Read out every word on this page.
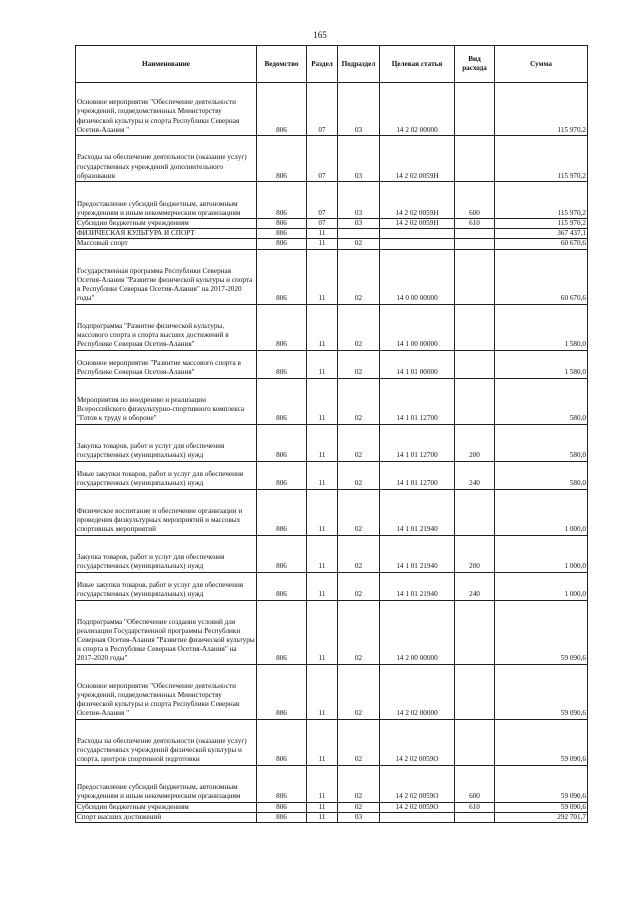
165
Наименование	Ведомство	Раздел	Подраздел	Целевая статья	Вид расхода	Сумма
Основное мероприятие "Обеспечение деятельности учреждений, подведомственных Министерству физической культуры и спорта Республики Северная Осетия-Алания "	806	07	03	14 2 02 00000		115 970,2
Расходы на обеспечение деятельности (оказание услуг) государственных учреждений дополнительного образования	806	07	03	14 2 02 0059Н		115 970,2
Предоставление субсидий бюджетным, автономным учреждениям и иным некоммерческим организациям	806	07	03	14 2 02 0059Н	600	115 970,2
Субсидии бюджетным учреждениям	806	07	03	14 2 02 0059Н	610	115 970,2
ФИЗИЧЕСКАЯ КУЛЬТУРА И СПОРТ	806	11				367 437,1
Массовый спорт	806	11	02			60 670,6
Государственная программа Республики Северная Осетия-Алания "Развитие физической культуры и спорта в Республике Северная Осетия-Алания" на 2017-2020 годы"	806	11	02	14 0 00 00000		60 670,6
Подпрограмма "Развитие физической культуры, массового спорта и спорта высших достижений в Республике Северная Осетия-Алания"	806	11	02	14 1 00 00000		1 580,0
Основное мероприятие "Развитие массового спорта в Республике Северная Осетия-Алания"	806	11	02	14 1 01 00000		1 580,0
Мероприятия по внедрению и реализации Всероссийского физкультурно-спортивного комплекса "Готов к труду и обороне"	806	11	02	14 1 01 12700		580,0
Закупка товаров, работ и услуг для обеспечения государственных (муниципальных) нужд	806	11	02	14 1 01 12700	200	580,0
Иные закупки товаров, работ и услуг для обеспечения государственных (муниципальных) нужд	806	11	02	14 1 01 12700	240	580,0
Физическое воспитание и обеспечение организации и проведения физкультурных мероприятий и массовых спортивных мероприятий	806	11	02	14 1 01 21940		1 000,0
Закупка товаров, работ и услуг для обеспечения государственных (муниципальных) нужд	806	11	02	14 1 01 21940	200	1 000,0
Иные закупки товаров, работ и услуг для обеспечения государственных (муниципальных) нужд	806	11	02	14 1 01 21940	240	1 000,0
Подпрограмма "Обеспечение создания условий для реализации Государственной программы Республики Северная Осетия-Алания "Развитие физической культуры и спорта в Республике Северная Осетия-Алания" на 2017-2020 годы"	806	11	02	14 2 00 00000		59 090,6
Основное мероприятие "Обеспечение деятельности учреждений, подведомственных Министерству физической культуры и спорта Республики Северная Осетия-Алания "	806	11	02	14 2 02 00000		59 090,6
Расходы на обеспечение деятельности (оказание услуг) государственных учреждений физической культуры и спорта, центров спортивной подготовки	806	11	02	14 2 02 0059О		59 090,6
Предоставление субсидий бюджетным, автономным учреждениям и иным некоммерческим организациям	806	11	02	14 2 02 0059О	600	59 090,6
Субсидии бюджетным учреждениям	806	11	02	14 2 02 0059О	610	59 090,6
Спорт высших достижений	806	11	03			292 701,7
